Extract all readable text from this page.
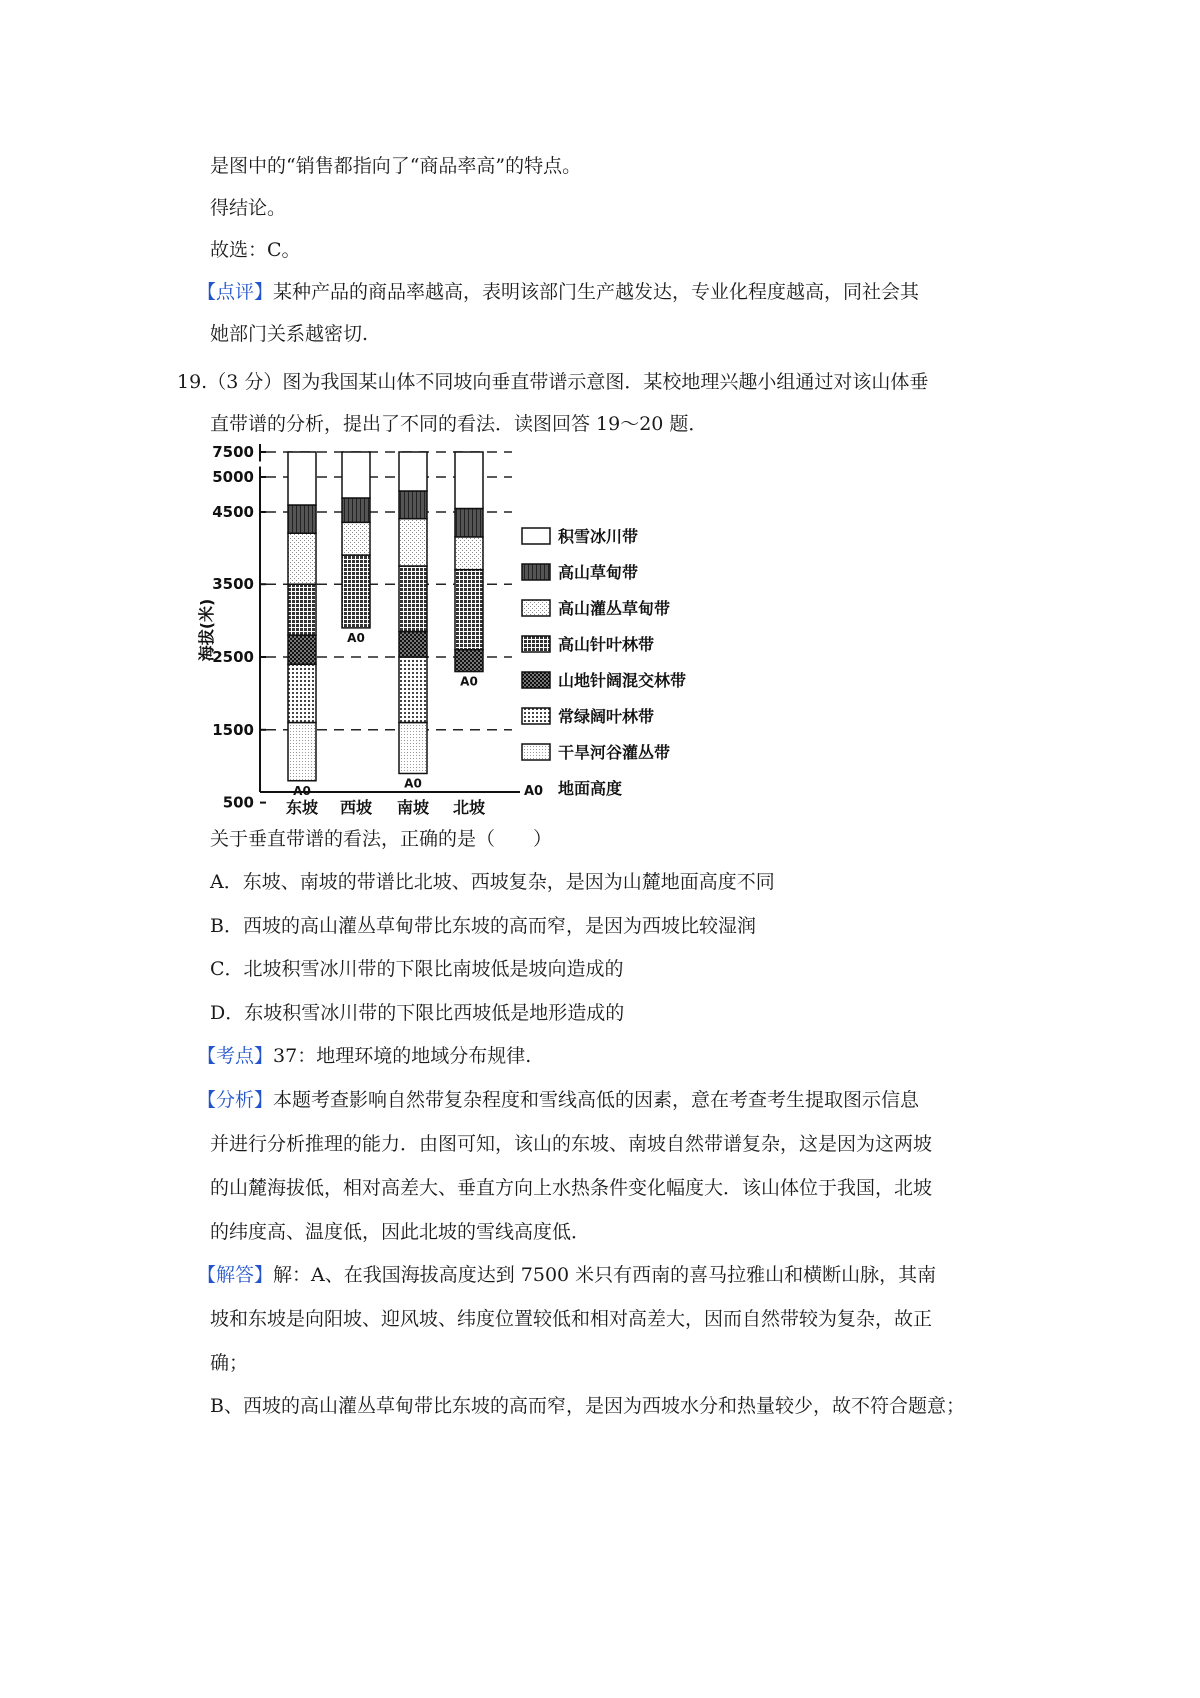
是图中的“销售都指向了“商品率高”的特点。
得结论。
故选：C。
【点评】某种产品的商品率越高，表明该部门生产越发达，专业化程度越高，同社会其
她部门关系越密切.
19.（3 分）图为我国某山体不同坡向垂直带谱示意图．某校地理兴趣小组通过对该山体垂
直带谱的分析，提出了不同的看法．读图回答 19～20 题．
500
1500
2500
3500
4500
5000
7500
海拔(米)
A0
东坡
A0
西坡
A0
南坡
A0
北坡
积雪冰川带
高山草甸带
高山灌丛草甸带
高山针叶林带
山地针阔混交林带
常绿阔叶林带
干旱河谷灌丛带
A0 地面高度
关于垂直带谱的看法，正确的是（　　）
A．东坡、南坡的带谱比北坡、西坡复杂，是因为山麓地面高度不同
B．西坡的高山灌丛草甸带比东坡的高而窄，是因为西坡比较湿润
C．北坡积雪冰川带的下限比南坡低是坡向造成的
D．东坡积雪冰川带的下限比西坡低是地形造成的
【考点】37：地理环境的地域分布规律.
【分析】本题考查影响自然带复杂程度和雪线高低的因素，意在考查考生提取图示信息
并进行分析推理的能力．由图可知，该山的东坡、南坡自然带谱复杂，这是因为这两坡
的山麓海拔低，相对高差大、垂直方向上水热条件变化幅度大．该山体位于我国，北坡
的纬度高、温度低，因此北坡的雪线高度低．
【解答】解：A、在我国海拔高度达到 7500 米只有西南的喜马拉雅山和横断山脉，其南
坡和东坡是向阳坡、迎风坡、纬度位置较低和相对高差大，因而自然带较为复杂，故正
确；
B、西坡的高山灌丛草甸带比东坡的高而窄，是因为西坡水分和热量较少，故不符合题意；
